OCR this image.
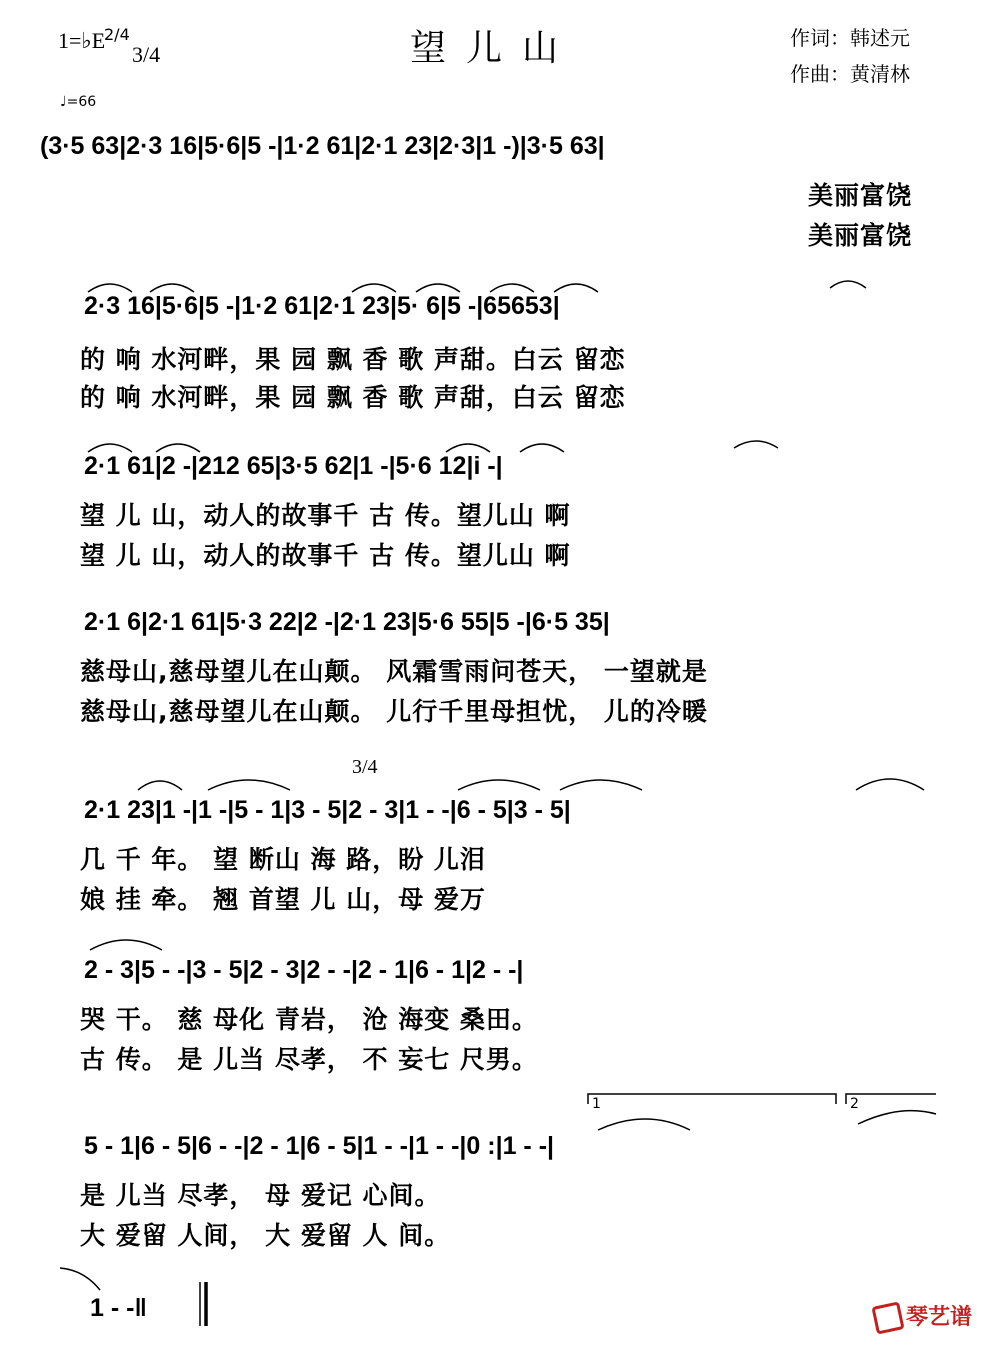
1=♭E
2/4
3/4
♩=66
望儿山	作词：韩述元
作曲：黄清林
(3·5 63|2·3 16|5·6|5 -|1·2 61|2·1 23|2·3|1 -)|3·5 63|
美丽富饶
美丽富饶
2·3 16|5·6|5 -|1·2 61|2·1 23|5· 6|5 -|65653|
的 响 水河畔，果 园 飘 香 歌 声甜。白云 留恋
的 响 水河畔，果 园 飘 香 歌 声甜，白云 留恋
2·1 61|2 -|212 65|3·5 62|1 -|5·6 12|i -|
望 儿 山，动人的故事千 古 传。望儿山 啊
望 儿 山，动人的故事千 古 传。望儿山 啊
2·1 6|2·1 61|5·3 22|2 -|2·1 23|5·6 55|5 -|6·5 35|
慈母山,慈母望儿在山颠。 风霜雪雨问苍天， 一望就是
慈母山,慈母望儿在山颠。 儿行千里母担忧， 儿的冷暖
3/4
2·1 23|1 -|1 -|5 - 1|3 - 5|2 - 3|1 - -|6 - 5|3 - 5|
几 千 年。 望 断山 海 路，盼 儿泪
娘 挂 牵。 翘 首望 儿 山，母 爱万
2 - 3|5 - -|3 - 5|2 - 3|2 - -|2 - 1|6 - 1|2 - -|
哭 干。 慈 母化 青岩， 沧 海变 桑田。
古 传。 是 儿当 尽孝， 不 妄七 尺男。
1	2
5 - 1|6 - 5|6 - -|2 - 1|6 - 5|1 - -|1 - -|0 :|1 - -|
是 儿当 尽孝， 母 爱记 心间。
大 爱留 人间， 大 爱留 人 间。
1 - -‖	琴艺谱
